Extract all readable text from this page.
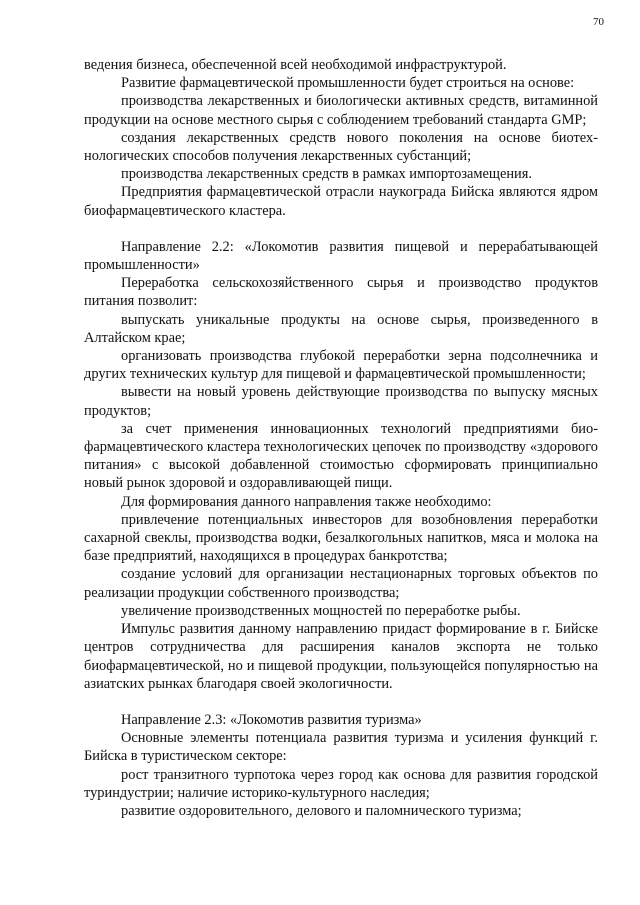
70

ведения бизнеса, обеспеченной всей необходимой инфраструктурой.

Развитие фармацевтической промышленности будет строиться на основе:

производства лекарственных и биологически активных средств, витаминной продукции на основе местного сырья с соблюдением требований стандарта GMP;

создания лекарственных средств нового поколения на основе биотехнологических способов получения лекарственных субстанций;

производства лекарственных средств в рамках импортозамещения.

Предприятия фармацевтической отрасли наукограда Бийска являются ядром биофармацевтического кластера.

Направление 2.2: «Локомотив развития пищевой и перерабатывающей промышленности»

Переработка сельскохозяйственного сырья и производство продуктов питания позволит:

выпускать уникальные продукты на основе сырья, произведенного в Алтайском крае;

организовать производства глубокой переработки зерна подсолнечника и других технических культур для пищевой и фармацевтической промышленности;

вывести на новый уровень действующие производства по выпуску мясных продуктов;

за счет применения инновационных технологий предприятиями биофармацевтического кластера технологических цепочек по производству «здорового питания» с высокой добавленной стоимостью сформировать принципиально новый рынок здоровой и оздоравливающей пищи.

Для формирования данного направления также необходимо:

привлечение потенциальных инвесторов для возобновления переработки сахарной свеклы, производства водки, безалкогольных напитков, мяса и молока на базе предприятий, находящихся в процедурах банкротства;

создание условий для организации нестационарных торговых объектов по реализации продукции собственного производства;

увеличение производственных мощностей по переработке рыбы.

Импульс развития данному направлению придаст формирование в г. Бийске центров сотрудничества для расширения каналов экспорта не только биофармацевтической, но и пищевой продукции, пользующейся популярностью на азиатских рынках благодаря своей экологичности.

Направление 2.3: «Локомотив развития туризма»

Основные элементы потенциала развития туризма и усиления функций г. Бийска в туристическом секторе:

рост транзитного турпотока через город как основа для развития городской туриндустрии; наличие историко-культурного наследия;

развитие оздоровительного, делового и паломнического туризма;
